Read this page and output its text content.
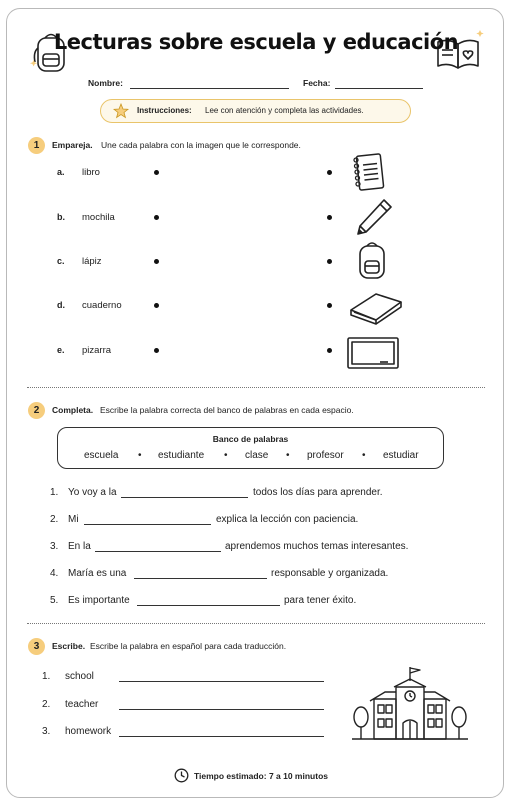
Lecturas sobre escuela y educación
Nombre:	Fecha:
Instrucciones: Lee con atención y completa las actividades.
1	Empareja. Une cada palabra con la imagen que le corresponde.
a. libro
b. mochila
c. lápiz
d. cuaderno
e. pizarra
2	Completa. Escribe la palabra correcta del banco de palabras en cada espacio.
Banco de palabras
escuela • estudiante • clase • profesor • estudiar
1. Yo voy a la	todos los días para aprender.
2. Mi	explica la lección con paciencia.
3. En la	aprendemos muchos temas interesantes.
4. María es una	responsable y organizada.
5. Es importante	para tener éxito.
3	Escribe. Escribe la palabra en español para cada traducción.
1. school
2. teacher
3. homework
Tiempo estimado: 7 a 10 minutos
